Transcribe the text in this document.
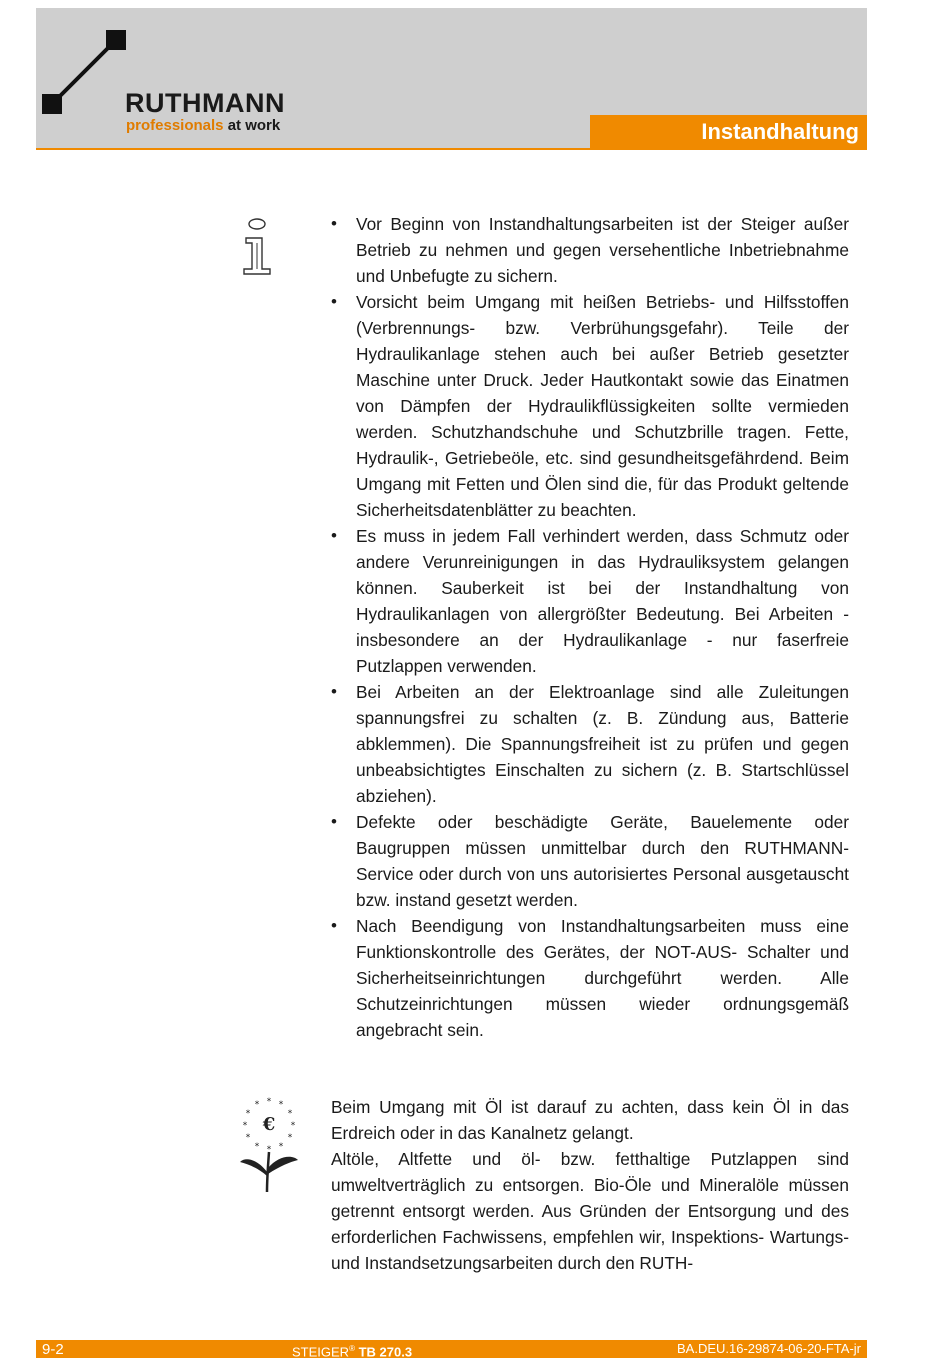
RUTHMANN
professionals at work	Instandhaltung
• Vor Beginn von Instandhaltungsarbeiten ist der Steiger außer Betrieb zu nehmen und gegen versehentliche Inbetriebnahme und Unbefugte zu sichern.
• Vorsicht beim Umgang mit heißen Betriebs- und Hilfsstoffen (Verbrennungs- bzw. Verbrühungsgefahr). Teile der Hydraulikanlage stehen auch bei außer Betrieb gesetzter Maschine unter Druck. Jeder Hautkontakt sowie das Einatmen von Dämpfen der Hydraulikflüssigkeiten sollte vermieden werden. Schutzhandschuhe und Schutzbrille tragen. Fette, Hydraulik-, Getriebeöle, etc. sind gesundheitsgefährdend. Beim Umgang mit Fetten und Ölen sind die, für das Produkt geltende Sicherheitsdatenblätter zu beachten.
• Es muss in jedem Fall verhindert werden, dass Schmutz oder andere Verunreinigungen in das Hydrauliksystem gelangen können. Sauberkeit ist bei der Instandhaltung von Hydraulikanlagen von allergrößter Bedeutung. Bei Arbeiten - insbesondere an der Hydraulikanlage - nur faserfreie Putzlappen verwenden.
• Bei Arbeiten an der Elektroanlage sind alle Zuleitungen spannungsfrei zu schalten (z. B. Zündung aus, Batterie abklemmen). Die Spannungsfreiheit ist zu prüfen und gegen unbeabsichtigtes Einschalten zu sichern (z. B. Startschlüssel abziehen).
• Defekte oder beschädigte Geräte, Bauelemente oder Baugruppen müssen unmittelbar durch den RUTHMANN-Service oder durch von uns autorisiertes Personal ausgetauscht bzw. instand gesetzt werden.
• Nach Beendigung von Instandhaltungsarbeiten muss eine Funktionskontrolle des Gerätes, der NOT-AUS- Schalter und Sicherheitseinrichtungen durchgeführt werden. Alle Schutzeinrichtungen müssen wieder ordnungsgemäß angebracht sein.
* *
*
*
*
*
*
*
*
*
*
*
€

Beim Umgang mit Öl ist darauf zu achten, dass kein Öl in das Erdreich oder in das Kanalnetz gelangt.

Altöle, Altfette und öl- bzw. fetthaltige Putzlappen sind umweltverträglich zu entsorgen. Bio-Öle und Mineralöle müssen getrennt entsorgt werden. Aus Gründen der Entsorgung und des erforderlichen Fachwissens, empfehlen wir, Inspektions- Wartungs- und Instandsetzungsarbeiten durch den RUTH-

9-2	STEIGER® TB 270.3	BA.DEU.16-29874-06-20-FTA-jr
